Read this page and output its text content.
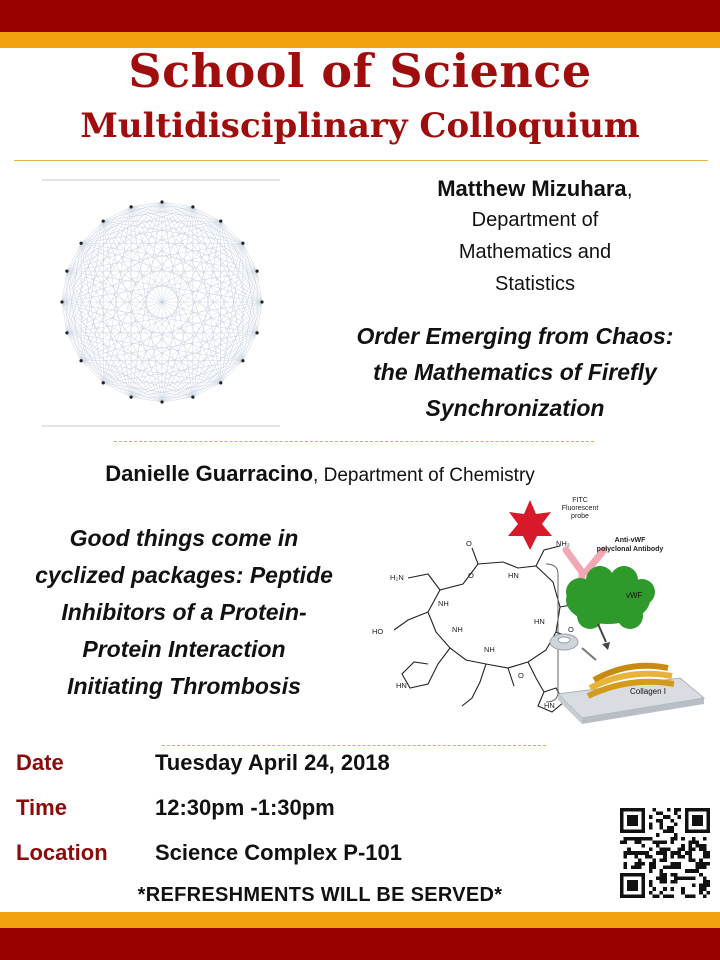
School of Science
Multidisciplinary Colloquium
Matthew Mizuhara,
Department of
Mathematics and
Statistics
Order Emerging from Chaos:
the Mathematics of Firefly
Synchronization
Danielle Guarracino, Department of Chemistry
Good things come in
cyclized packages: Peptide
Inhibitors of a Protein-
Protein Interaction
Initiating Thrombosis
H₂N
O
NH
HN
NH₂
HO
NH
HN
NH
HN
HN
O
O
O
FITC
Fluorescent
probe
Anti-vWF
polyclonal Antibody
vWF
Collagen I
Date	Tuesday April 24, 2018
Time	12:30pm -1:30pm
Location Science Complex P-101
*REFRESHMENTS WILL BE SERVED*
